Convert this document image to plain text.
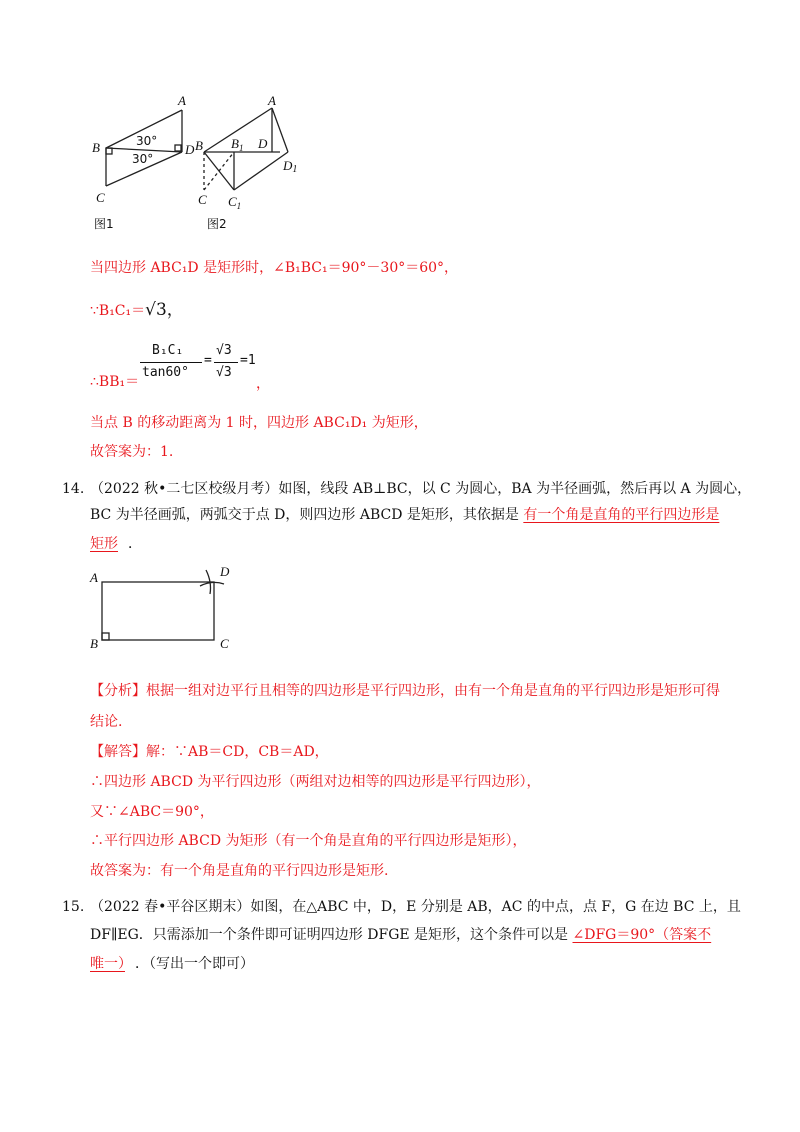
A
B	D
C
30°
30°
图1
A
B $B_1$ D
D1
C $C_1$
图2
当四边形 ABC₁D 是矩形时，∠B₁BC₁＝90°－30°＝60°，
∵B₁C₁＝√3，
∴BB₁＝
B₁C₁
tan60°
=
√3
√3
=1
，
当点 B 的移动距离为 1 时，四边形 ABC₁D₁ 为矩形，
故答案为：1.
14. （2022 秋•二七区校级月考）如图，线段 AB⊥BC，以 C 为圆心，BA 为半径画弧，然后再以 A 为圆心，
BC 为半径画弧，两弧交于点 D，则四边形 ABCD 是矩形，其依据是 有一个角是直角的平行四边形是
矩形 ．
A	D
B	C
【分析】根据一组对边平行且相等的四边形是平行四边形，由有一个角是直角的平行四边形是矩形可得
结论.
【解答】解：∵AB＝CD，CB＝AD，
∴四边形 ABCD 为平行四边形（两组对边相等的四边形是平行四边形），
又∵∠ABC＝90°，
∴平行四边形 ABCD 为矩形（有一个角是直角的平行四边形是矩形），
故答案为：有一个角是直角的平行四边形是矩形.
15. （2022 春•平谷区期末）如图，在△ABC 中，D，E 分别是 AB，AC 的中点，点 F，G 在边 BC 上，且
DF∥EG．只需添加一个条件即可证明四边形 DFGE 是矩形，这个条件可以是 ∠DFG＝90°（答案不
唯一） ．（写出一个即可）
